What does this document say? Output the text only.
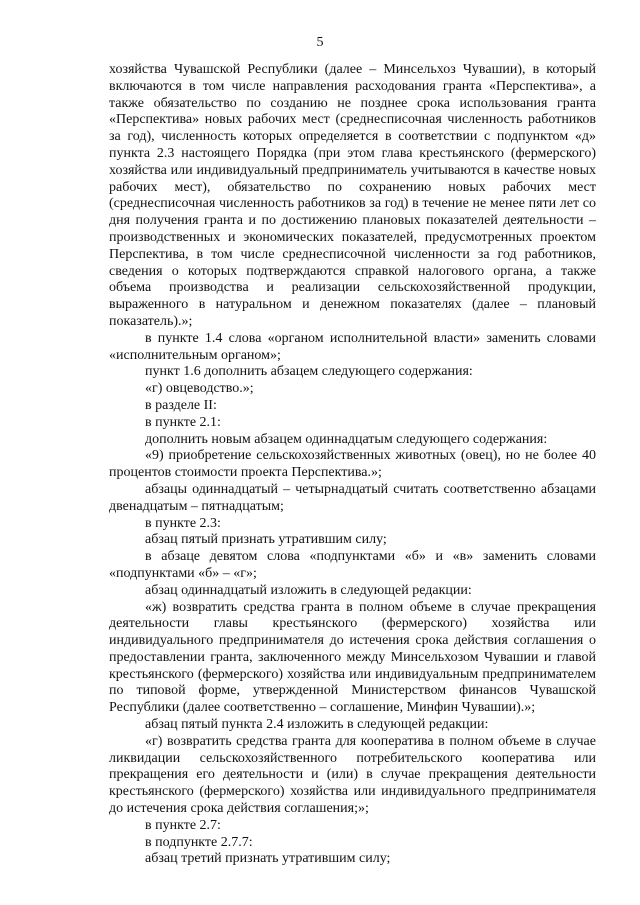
5

хозяйства Чувашской Республики (далее – Минсельхоз Чувашии), в который включаются в том числе направления расходования гранта «Перспектива», а также обязательство по созданию не позднее срока использования гранта «Перспектива» новых рабочих мест (среднесписочная численность работников за год), численность которых определяется в соответствии с подпунктом «д» пункта 2.3 настоящего Порядка (при этом глава крестьянского (фермерского) хозяйства или индивидуальный предприниматель учитываются в качестве новых рабочих мест), обязательство по сохранению новых рабочих мест (среднесписочная численность работников за год) в течение не менее пяти лет со дня получения гранта и по достижению плановых показателей деятельности – производственных и экономических показателей, предусмотренных проектом Перспектива, в том числе среднесписочной численности за год работников, сведения о которых подтверждаются справкой налогового органа, а также объема производства и реализации сельскохозяйственной продукции, выраженного в натуральном и денежном показателях (далее – плановый показатель).»;

в пункте 1.4 слова «органом исполнительной власти» заменить словами «исполнительным органом»;

пункт 1.6 дополнить абзацем следующего содержания:

«г) овцеводство.»;

в разделе II:

в пункте 2.1:

дополнить новым абзацем одиннадцатым следующего содержания:

«9) приобретение сельскохозяйственных животных (овец), но не более 40 процентов стоимости проекта Перспектива.»;

абзацы одиннадцатый – четырнадцатый считать соответственно абзацами двенадцатым – пятнадцатым;

в пункте 2.3:

абзац пятый признать утратившим силу;

в абзаце девятом слова «подпунктами «б» и «в» заменить словами «подпунктами «б» – «г»;

абзац одиннадцатый изложить в следующей редакции:

«ж) возвратить средства гранта в полном объеме в случае прекращения деятельности главы крестьянского (фермерского) хозяйства или индивидуального предпринимателя до истечения срока действия соглашения о предоставлении гранта, заключенного между Минсельхозом Чувашии и главой крестьянского (фермерского) хозяйства или индивидуальным предпринимателем по типовой форме, утвержденной Министерством финансов Чувашской Республики (далее соответственно – соглашение, Минфин Чувашии).»;

абзац пятый пункта 2.4 изложить в следующей редакции:

«г) возвратить средства гранта для кооператива в полном объеме в случае ликвидации сельскохозяйственного потребительского кооператива или прекращения его деятельности и (или) в случае прекращения деятельности крестьянского (фермерского) хозяйства или индивидуального предпринимателя до истечения срока действия соглашения;»;

в пункте 2.7:

в подпункте 2.7.7:

абзац третий признать утратившим силу;
